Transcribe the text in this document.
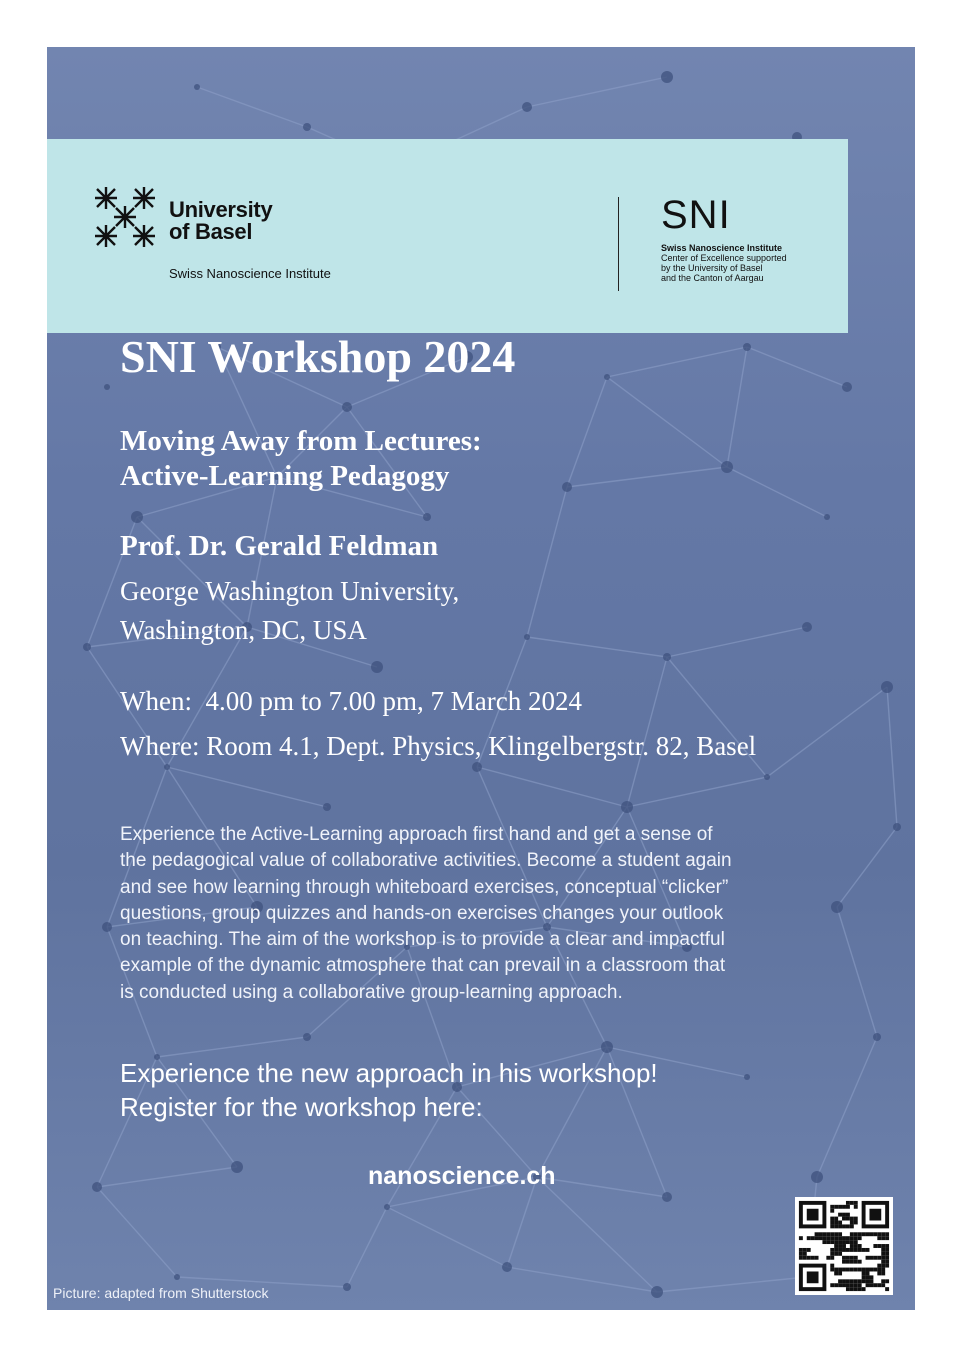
University
of Basel
Swiss Nanoscience Institute
SNI
Swiss Nanoscience Institute
Center of Excellence supported
by the University of Basel
and the Canton of Aargau
SNI Workshop 2024
Moving Away from Lectures:
Active-Learning Pedagogy
Prof. Dr. Gerald Feldman
George Washington University,
Washington, DC, USA
When:  4.00 pm to 7.00 pm, 7 March 2024
Where: Room 4.1, Dept. Physics, Klingelbergstr. 82, Basel
Experience the Active-Learning approach first hand and get a sense of
the pedagogical value of collaborative activities. Become a student again
and see how learning through whiteboard exercises, conceptual “clicker”
questions, group quizzes and hands-on exercises changes your outlook
on teaching. The aim of the workshop is to provide a clear and impactful
example of the dynamic atmosphere that can prevail in a classroom that
is conducted using a collaborative group-learning approach.
Experience the new approach in his workshop!
Register for the workshop here:
nanoscience.ch
Picture: adapted from Shutterstock
